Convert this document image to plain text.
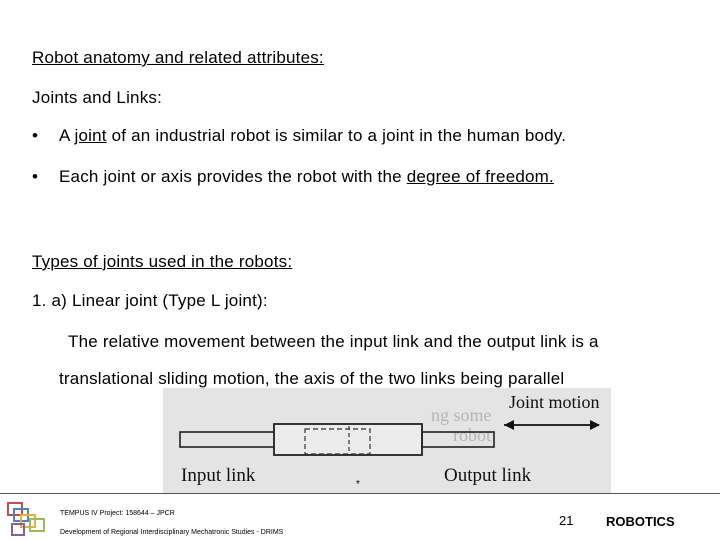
Robot anatomy and related attributes:
Joints and Links:
• A joint of an industrial robot is similar to a joint in the human body.
• Each joint or axis provides the robot with the degree of freedom.
Types of joints used in the robots:
1. a) Linear joint (Type L joint):
The relative movement between the input link and the output link is a
translational sliding motion, the axis of the two links being parallel
ng some
robot
Joint motion
Input link	Output link
*
TEMPUS IV Project: 158644 – JPCR
Development of Regional Interdisciplinary Mechatronic Studies - DRIMS
21	ROBOTICS
